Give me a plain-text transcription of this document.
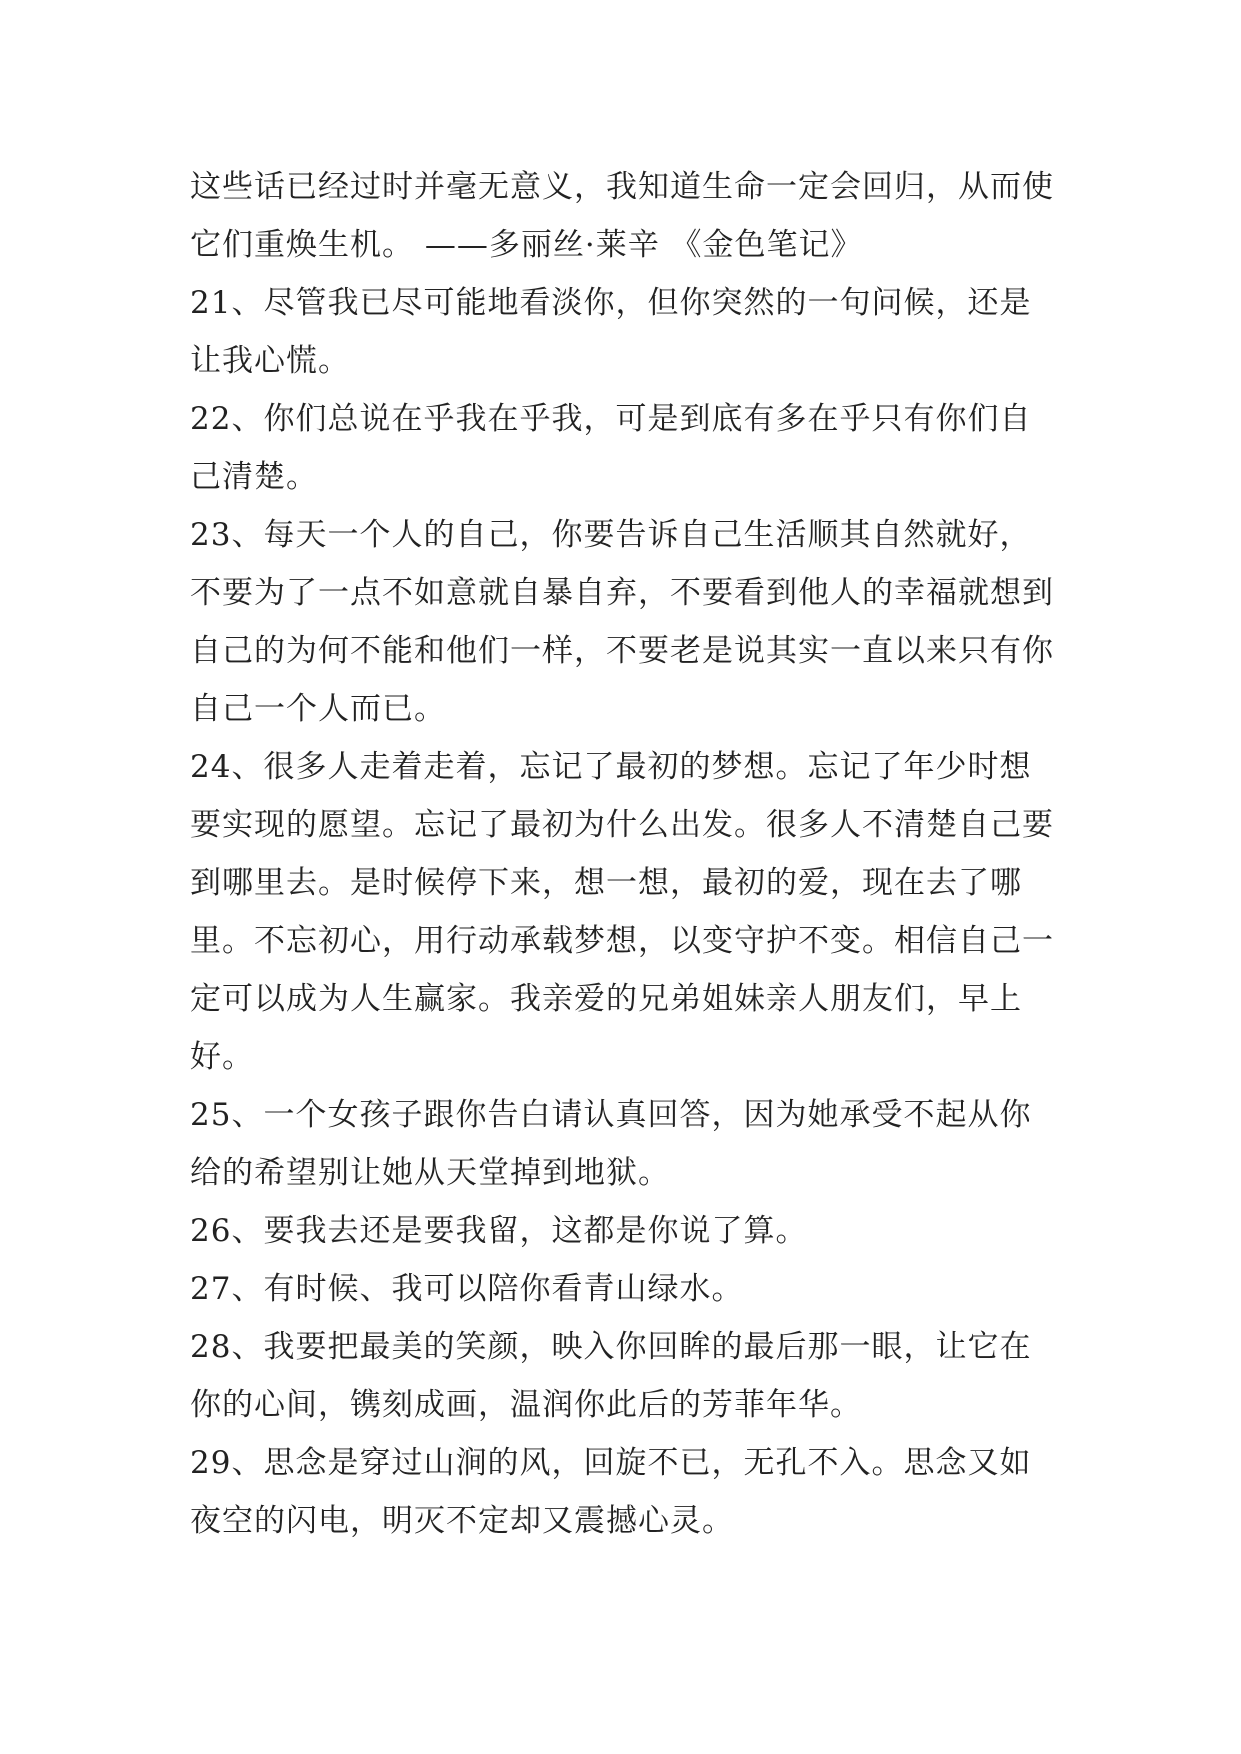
这些话已经过时并毫无意义，我知道生命一定会回归，从而使它们重焕生机。 ——多丽丝·莱辛 《金色笔记》

21、尽管我已尽可能地看淡你，但你突然的一句问候，还是让我心慌。

22、你们总说在乎我在乎我，可是到底有多在乎只有你们自己清楚。

23、每天一个人的自己，你要告诉自己生活顺其自然就好，不要为了一点不如意就自暴自弃，不要看到他人的幸福就想到自己的为何不能和他们一样，不要老是说其实一直以来只有你自己一个人而已。

24、很多人走着走着，忘记了最初的梦想。忘记了年少时想要实现的愿望。忘记了最初为什么出发。很多人不清楚自己要到哪里去。是时候停下来，想一想，最初的爱，现在去了哪里。不忘初心，用行动承载梦想，以变守护不变。相信自己一定可以成为人生赢家。我亲爱的兄弟姐妹亲人朋友们，早上好。

25、一个女孩子跟你告白请认真回答，因为她承受不起从你给的希望别让她从天堂掉到地狱。

26、要我去还是要我留，这都是你说了算。

27、有时候、我可以陪你看青山绿水。

28、我要把最美的笑颜，映入你回眸的最后那一眼，让它在你的心间，镌刻成画，温润你此后的芳菲年华。

29、思念是穿过山涧的风，回旋不已，无孔不入。思念又如夜空的闪电，明灭不定却又震撼心灵。
